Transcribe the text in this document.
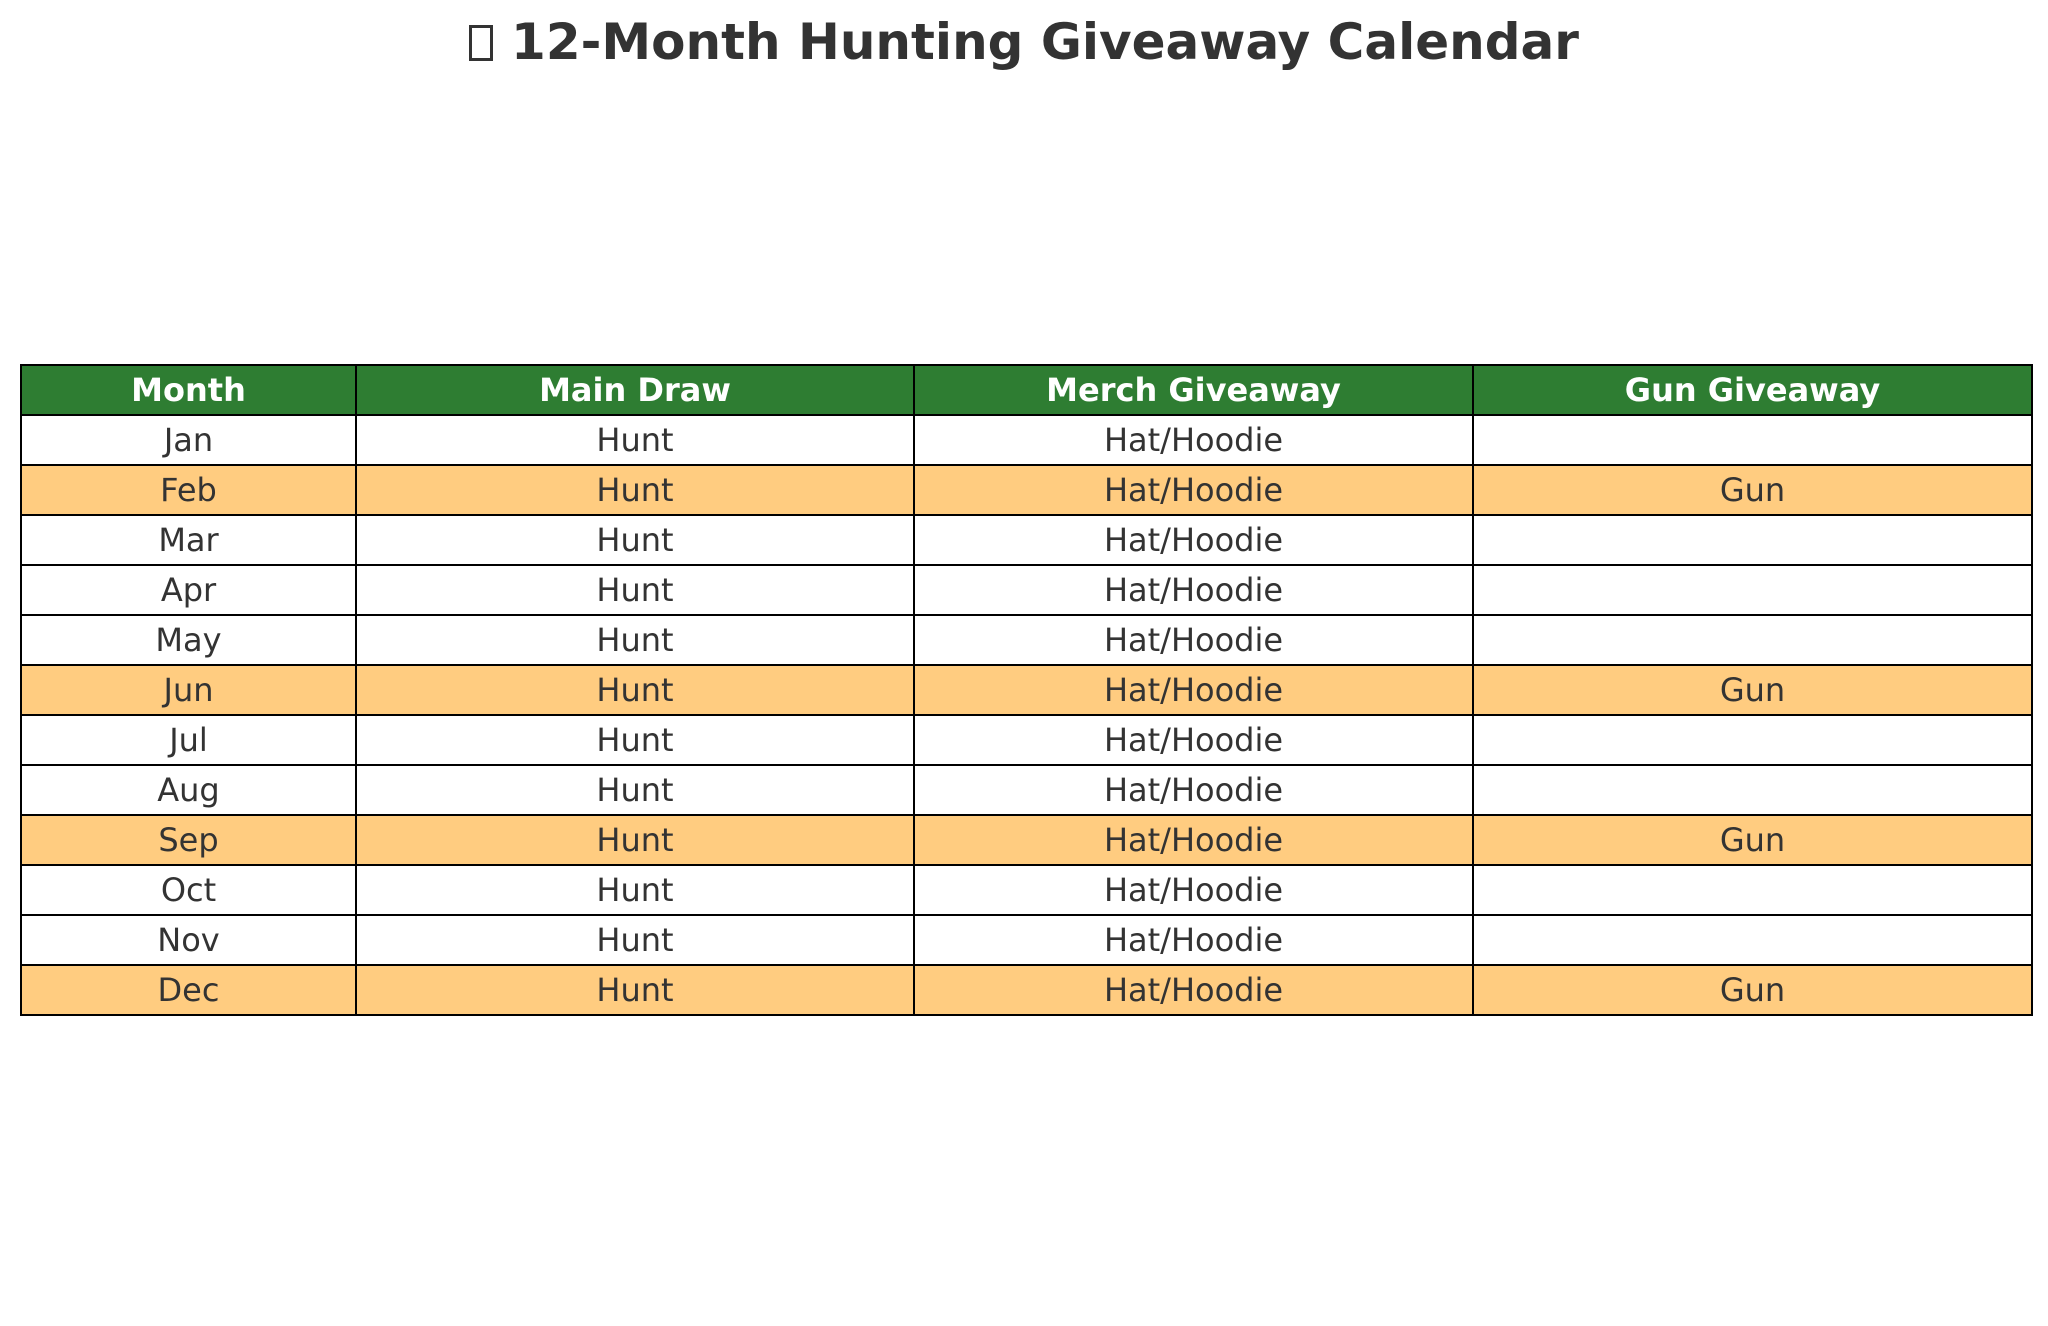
12-Month Hunting Giveaway Calendar
Month	Main Draw	Merch Giveaway	Gun Giveaway
Jan	Hunt	Hat/Hoodie	
Feb	Hunt	Hat/Hoodie	Gun
Mar	Hunt	Hat/Hoodie	
Apr	Hunt	Hat/Hoodie	
May	Hunt	Hat/Hoodie	
Jun	Hunt	Hat/Hoodie	Gun
Jul	Hunt	Hat/Hoodie	
Aug	Hunt	Hat/Hoodie	
Sep	Hunt	Hat/Hoodie	Gun
Oct	Hunt	Hat/Hoodie	
Nov	Hunt	Hat/Hoodie	
Dec	Hunt	Hat/Hoodie	Gun
